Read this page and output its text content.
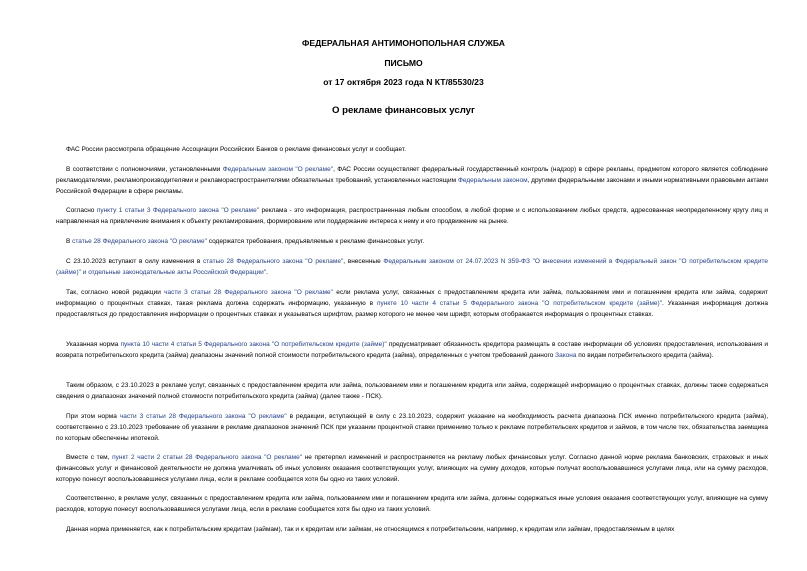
ФЕДЕРАЛЬНАЯ АНТИМОНОПОЛЬНАЯ СЛУЖБА
ПИСЬМО
от 17 октября 2023 года N КТ/85530/23
О рекламе финансовых услуг
ФАС России рассмотрела обращение Ассоциации Российских Банков о рекламе финансовых услуг и сообщает.
В соответствии с полномочиями, установленными Федеральным законом "О рекламе", ФАС России осуществляет федеральный государственный контроль (надзор) в сфере рекламы, предметом которого является соблюдение рекламодателями, рекламопроизводителями и рекламораспространителями обязательных требований, установленных настоящим Федеральным законом, другими федеральными законами и иными нормативными правовыми актами Российской Федерации в сфере рекламы.
Согласно пункту 1 статьи 3 Федерального закона "О рекламе" реклама - это информация, распространенная любым способом, в любой форме и с использованием любых средств, адресованная неопределенному кругу лиц и направленная на привлечение внимания к объекту рекламирования, формирование или поддержание интереса к нему и его продвижение на рынке.
В статье 28 Федерального закона "О рекламе" содержатся требования, предъявляемые к рекламе финансовых услуг.
С 23.10.2023 вступают в силу изменения в статью 28 Федерального закона "О рекламе", внесенные Федеральным законом от 24.07.2023 N 359-ФЗ "О внесении изменений в Федеральный закон "О потребительском кредите (займе)" и отдельные законодательные акты Российской Федерации".
Так, согласно новой редакции части 3 статьи 28 Федерального закона "О рекламе" если реклама услуг, связанных с предоставлением кредита или займа, пользованием ими и погашением кредита или займа, содержит информацию о процентных ставках, такая реклама должна содержать информацию, указанную в пункте 10 части 4 статьи 5 Федерального закона "О потребительском кредите (займе)". Указанная информация должна предоставляться до предоставления информации о процентных ставках и указываться шрифтом, размер которого не менее чем шрифт, которым отображается информация о процентных ставках.
Указанная норма пункта 10 части 4 статьи 5 Федерального закона "О потребительском кредите (займе)" предусматривает обязанность кредитора размещать в составе информации об условиях предоставления, использования и возврата потребительского кредита (займа) диапазоны значений полной стоимости потребительского кредита (займа), определенных с учетом требований данного Закона по видам потребительского кредита (займа).
Таким образом, с 23.10.2023 в рекламе услуг, связанных с предоставлением кредита или займа, пользованием ими и погашением кредита или займа, содержащей информацию о процентных ставках, должны также содержаться сведения о диапазонах значений полной стоимости потребительского кредита (займа) (далее также - ПСК).
При этом норма части 3 статьи 28 Федерального закона "О рекламе" в редакции, вступающей в силу с 23.10.2023, содержит указание на необходимость расчета диапазона ПСК именно потребительского кредита (займа), соответственно с 23.10.2023 требование об указании в рекламе диапазонов значений ПСК при указании процентной ставки применимо только к рекламе потребительских кредитов и займов, в том числе тех, обязательства заемщика по которым обеспечены ипотекой.
Вместе с тем, пункт 2 части 2 статьи 28 Федерального закона "О рекламе" не претерпел изменений и распространяется на рекламу любых финансовых услуг. Согласно данной норме реклама банковских, страховых и иных финансовых услуг и финансовой деятельности не должна умалчивать об иных условиях оказания соответствующих услуг, влияющих на сумму доходов, которые получат воспользовавшиеся услугами лица, или на сумму расходов, которую понесут воспользовавшиеся услугами лица, если в рекламе сообщается хотя бы одно из таких условий.
Соответственно, в рекламе услуг, связанных с предоставлением кредита или займа, пользованием ими и погашением кредита или займа, должны содержаться иные условия оказания соответствующих услуг, влияющие на сумму расходов, которую понесут воспользовавшиеся услугами лица, если в рекламе сообщается хотя бы одно из таких условий.
Данная норма применяется, как к потребительским кредитам (займам), так и к кредитам или займам, не относящимся к потребительским, например, к кредитам или займам, предоставляемым в целях
